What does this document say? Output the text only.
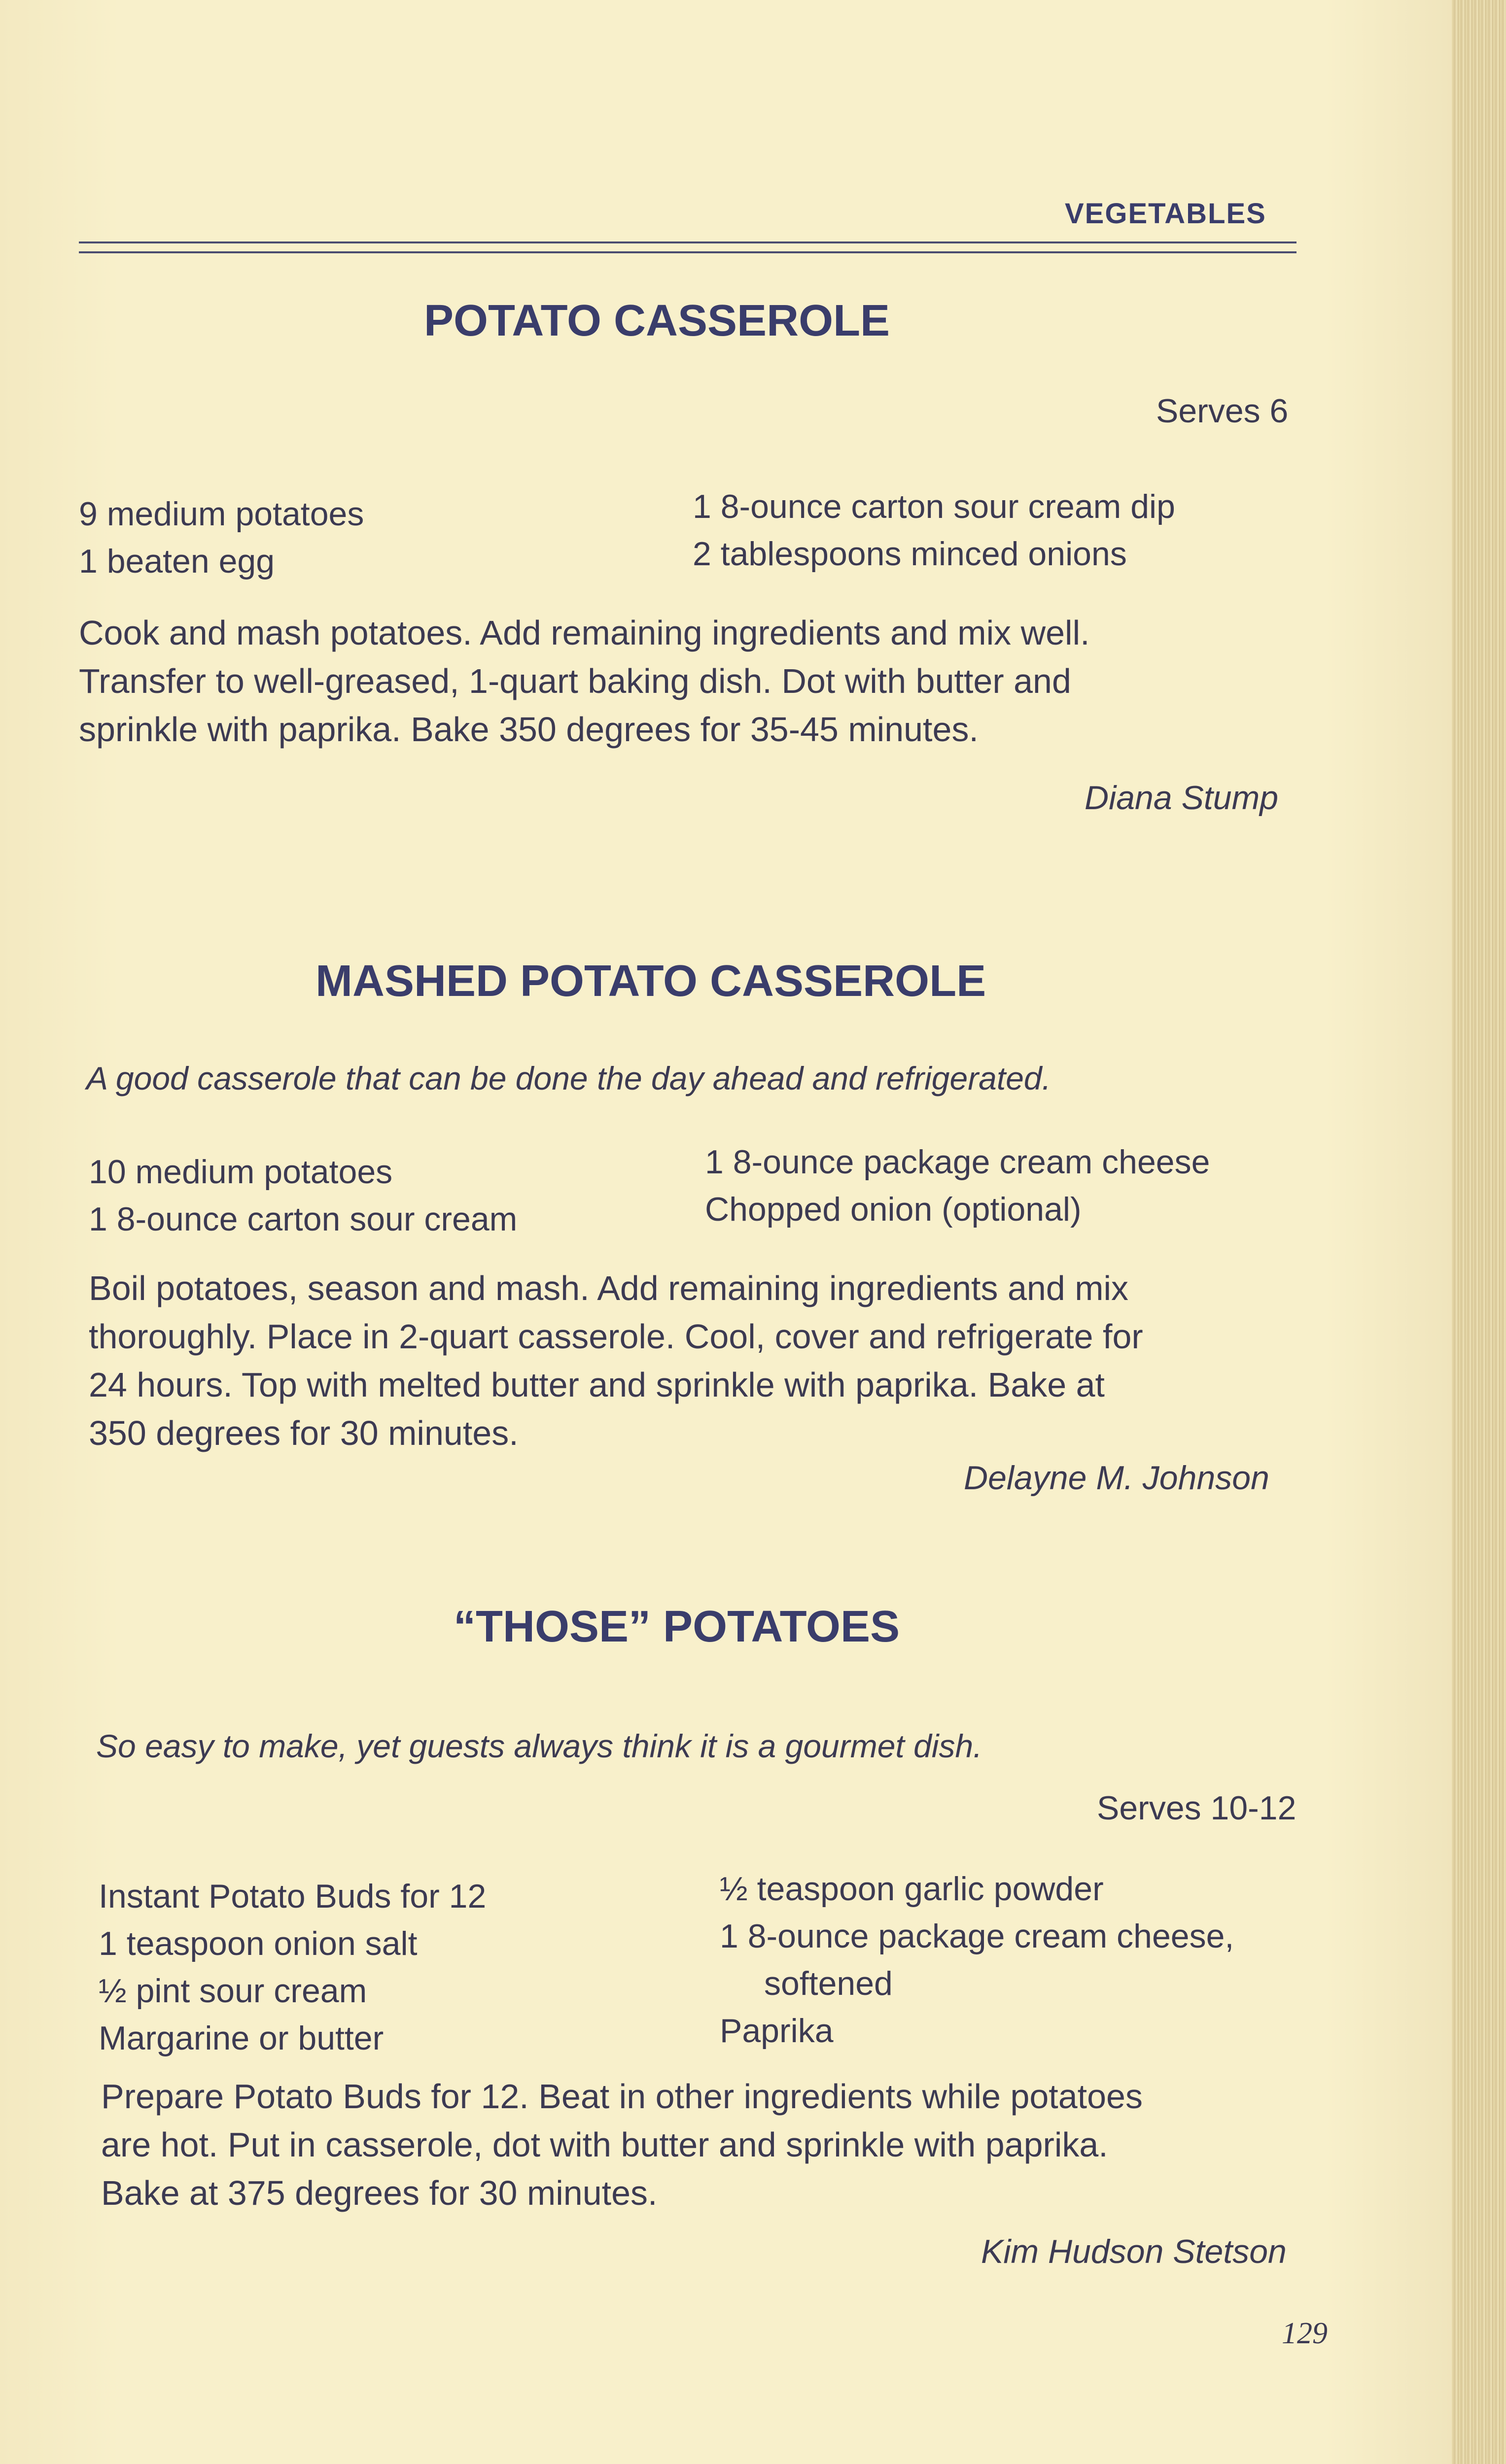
VEGETABLES
POTATO CASSEROLE
Serves 6
9 medium potatoes
1 beaten egg
1 8-ounce carton sour cream dip
2 tablespoons minced onions
Cook and mash potatoes. Add remaining ingredients and mix well.
Transfer to well-greased, 1-quart baking dish. Dot with butter and
sprinkle with paprika. Bake 350 degrees for 35-45 minutes.
Diana Stump
MASHED POTATO CASSEROLE
A good casserole that can be done the day ahead and refrigerated.
10 medium potatoes
1 8-ounce carton sour cream
1 8-ounce package cream cheese
Chopped onion (optional)
Boil potatoes, season and mash. Add remaining ingredients and mix
thoroughly. Place in 2-quart casserole. Cool, cover and refrigerate for
24 hours. Top with melted butter and sprinkle with paprika. Bake at
350 degrees for 30 minutes.
Delayne M. Johnson
“THOSE” POTATOES
So easy to make, yet guests always think it is a gourmet dish.
Serves 10-12
Instant Potato Buds for 12
1 teaspoon onion salt
½ pint sour cream
Margarine or butter
½ teaspoon garlic powder
1 8-ounce package cream cheese,
softened
Paprika
Prepare Potato Buds for 12. Beat in other ingredients while potatoes
are hot. Put in casserole, dot with butter and sprinkle with paprika.
Bake at 375 degrees for 30 minutes.
Kim Hudson Stetson
129
